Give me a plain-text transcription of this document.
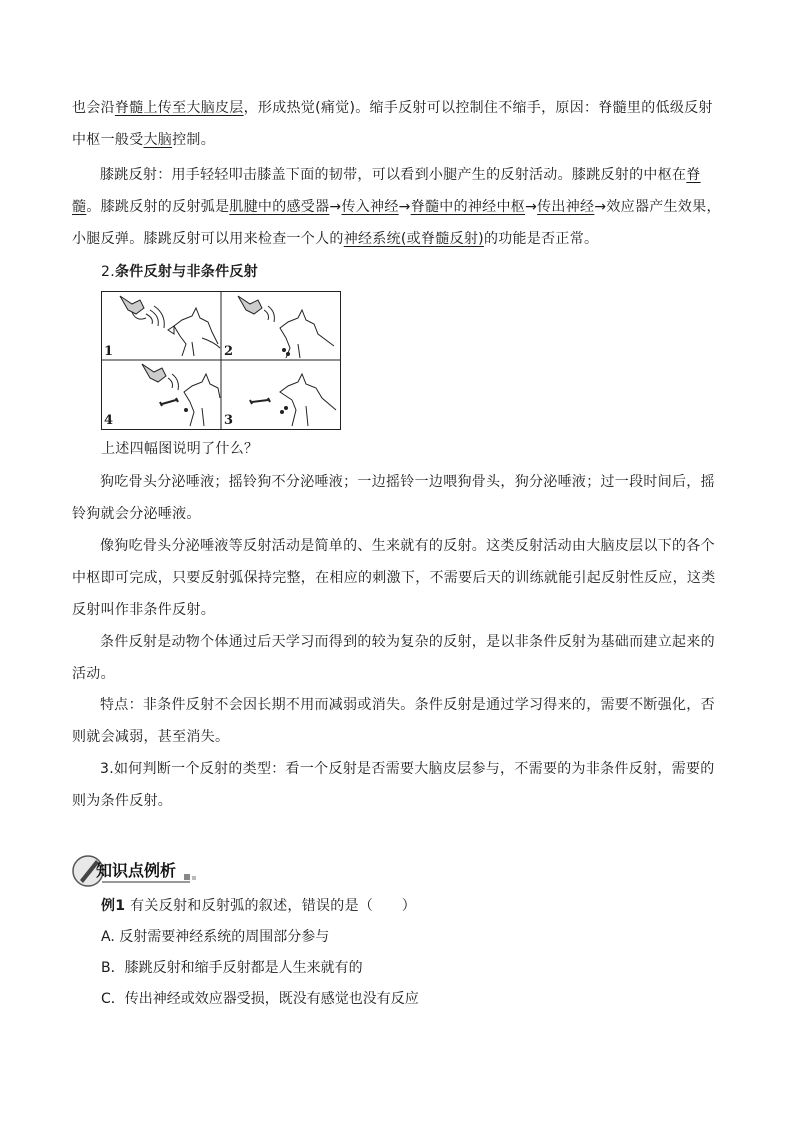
也会沿脊髓上传至大脑皮层，形成热觉(痛觉)。缩手反射可以控制住不缩手，原因：脊髓里的低级反射中枢一般受大脑控制。

膝跳反射：用手轻轻叩击膝盖下面的韧带，可以看到小腿产生的反射活动。膝跳反射的中枢在脊髓。膝跳反射的反射弧是肌腱中的感受器→传入神经→脊髓中的神经中枢→传出神经→效应器产生效果，小腿反弹。膝跳反射可以用来检查一个人的神经系统(或脊髓反射)的功能是否正常。

2.条件反射与非条件反射

1	2
4	3

上述四幅图说明了什么？

狗吃骨头分泌唾液；摇铃狗不分泌唾液；一边摇铃一边喂狗骨头，狗分泌唾液；过一段时间后，摇铃狗就会分泌唾液。

像狗吃骨头分泌唾液等反射活动是简单的、生来就有的反射。这类反射活动由大脑皮层以下的各个中枢即可完成，只要反射弧保持完整，在相应的刺激下，不需要后天的训练就能引起反射性反应，这类反射叫作非条件反射。

条件反射是动物个体通过后天学习而得到的较为复杂的反射，是以非条件反射为基础而建立起来的活动。

特点：非条件反射不会因长期不用而减弱或消失。条件反射是通过学习得来的，需要不断强化，否则就会减弱，甚至消失。

3.如何判断一个反射的类型：看一个反射是否需要大脑皮层参与，不需要的为非条件反射，需要的则为条件反射。

知识点例析

例1 有关反射和反射弧的叙述，错误的是（　　）

A. 反射需要神经系统的周围部分参与
B．膝跳反射和缩手反射都是人生来就有的
C．传出神经或效应器受损，既没有感觉也没有反应
